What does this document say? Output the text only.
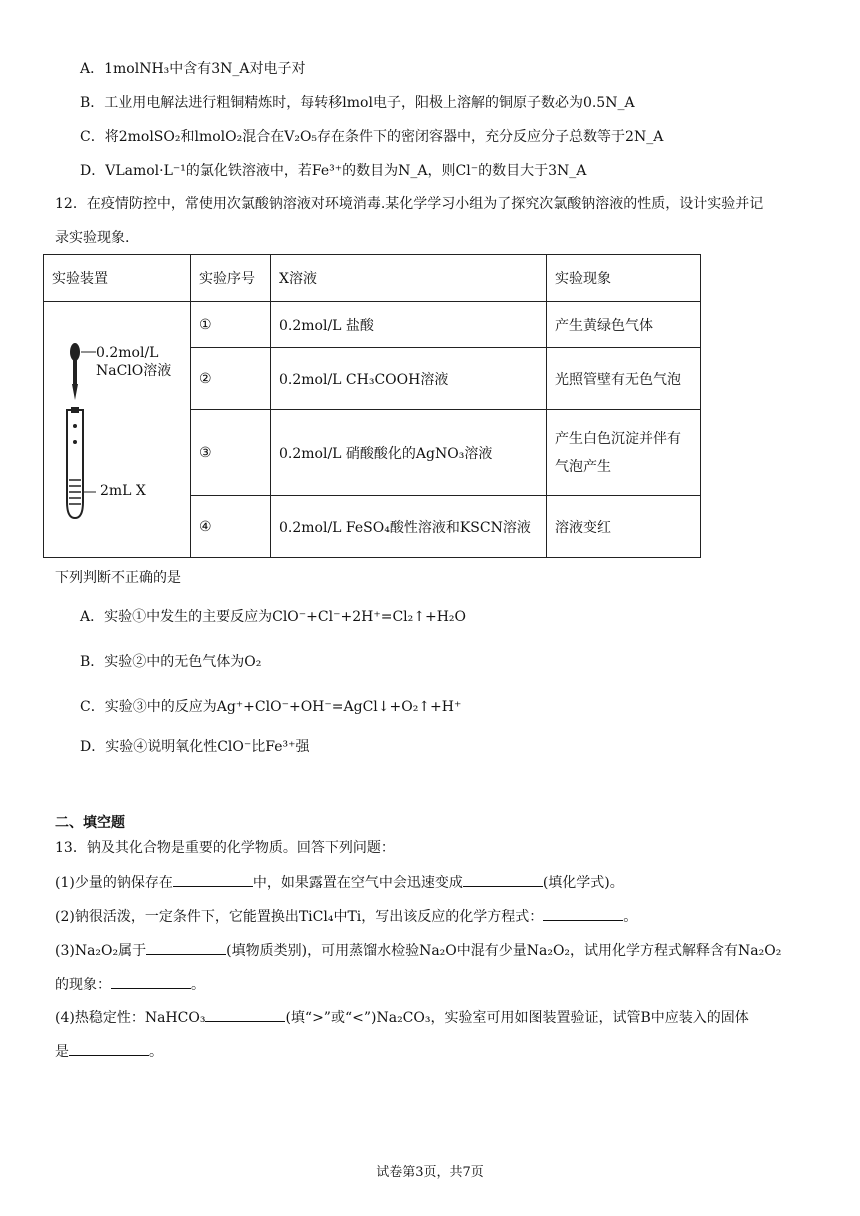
A．1molNH₃中含有3N_A对电子对
B．工业用电解法进行粗铜精炼时，每转移lmol电子，阳极上溶解的铜原子数必为0.5N_A
C．将2molSO₂和lmolO₂混合在V₂O₅存在条件下的密闭容器中，充分反应分子总数等于2N_A
D．VLamol·L⁻¹的氯化铁溶液中，若Fe³⁺的数目为N_A，则Cl⁻的数目大于3N_A
12．在疫情防控中，常使用次氯酸钠溶液对环境消毒.某化学学习小组为了探究次氯酸钠溶液的性质，设计实验并记
录实验现象.
实验装置	实验序号	X溶液	实验现象

0.2mol/L
NaClO溶液
2mL X	①	0.2mol/L 盐酸	产生黄绿色气体
	②	0.2mol/L CH₃COOH溶液	光照管壁有无色气泡
	③	0.2mol/L 硝酸酸化的AgNO₃溶液	产生白色沉淀并伴有
气泡产生

	④	0.2mol/L FeSO₄酸性溶液和KSCN溶液	溶液变红
下列判断不正确的是
A．实验①中发生的主要反应为ClO⁻+Cl⁻+2H⁺=Cl₂↑+H₂O
B．实验②中的无色气体为O₂
C．实验③中的反应为Ag⁺+ClO⁻+OH⁻=AgCl↓+O₂↑+H⁺
D．实验④说明氧化性ClO⁻比Fe³⁺强
二、填空题
13．钠及其化合物是重要的化学物质。回答下列问题：
(1)少量的钠保存在	中，如果露置在空气中会迅速变成	(填化学式)。
(2)钠很活泼，一定条件下，它能置换出TiCl₄中Ti，写出该反应的化学方程式：	。
(3)Na₂O₂属于	(填物质类别)，可用蒸馏水检验Na₂O中混有少量Na₂O₂，试用化学方程式解释含有Na₂O₂
的现象：	。
(4)热稳定性：NaHCO₃	(填“>”或“<”)Na₂CO₃，实验室可用如图装置验证，试管B中应装入的固体
是	。
试卷第3页，共7页
